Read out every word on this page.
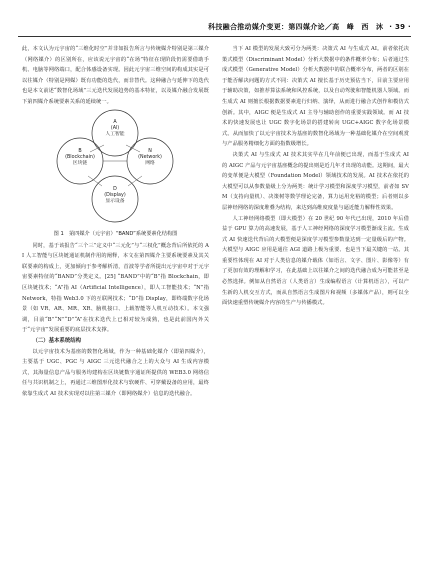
科技融合推动媒介变更：第四媒介论／高　峰　西　沐 · 39 ·

此，本文认为元宇宙的“三维化时空”并非如报告所言与传统媒介特别是第三媒介（网络媒介）的区别所在，应该说元宇宙的“在场”特征在现阶段仍需要借助手机、电脑等网络端口，配合体感设备实现。因此元宇宙三维空间的构成其实是可以往媒介（特别是网媒）既有功能的迭代，而非替代。这种融合与延伸下的迭代也是本文前述“数智化场域”三元迭代发展趋势的基本特征，以及媒介融合发展既下第四媒介系统要素关系的延续统一。

A
(Al)
人工智能
B
(Blockchain)
区块链
N
(Network)
网络
D
(Display)
显示设备
图 1　第四媒介（元宇宙）“BAND”系统要素化结构图

同时，基于该报告“三个三”定义中“三元化”与“三权化”概念背后所依托的 AI 人工智能与区块链通证机制作用的阐释，本文在第四媒介主要系统要素及其关联要素的构成上，更加倾向于参考解析清，首波等学者所提出元宇宙中对于元宇宙要素特征的“BAND”分类定义。[25] “BAND”中的“B”指 Blockchain，即区块链技术；“A”指 AI（Artificial Intelligence），即人工智能技术；“N”指 Network，特指 Web3.0 下的互联网技术；“D”指 Display，即终端数字化场景（如 VR、AR、MR、XR、脑机接口、上载智能等人机互动技术）。本文强调，目前“B”“N”“D”“A”在技术迭代上已相对较为成熟，也是此前国内外关于“元宇宙”发展重要的底层技术支撑。

（二）基本系统结构

以元宇宙技术为基座的数智化场域，作为一种基础化媒介（即第四媒介），主要基于 UGC、PGC 与 AIGC 三元迭代融合之上的大众与 AI 生成内容模式，其海量信息产品与服务均建构在区块链数字通证所提供的 WEB3.0 网络信任与共识机制之上，再通过三维图形化技术与软硬件、可穿戴设备的应用，最终依靠生成式 AI 技术实现对以往第三媒介（即网络媒介）信息的迭代融合。

当下 AI 模型的发展大致可分为两类：决策式 AI 与生成式 AI。前者依托决策式模型（Discriminant Model）分析大数据中的条件概率分布；后者通过生成式模型（Generative Model）分析大数据中的联合概率分布，两者的区别在于能否解决问题的方式不同：决策式 AI 擅长基于历史预估当下，目前主要应用于辅助决策，如推荐算法系统和风控系统，以及自动驾驶和智能机器人领域。而生成式 AI 则擅长根据数据要素进行归纳、演绎，从而进行融合式创作和模仿式创新。其中，AIGC 便是生成式 AI 主导与辅助创作的重要实践领域。而 AI 技术的快速发展也让 UGC 数字化场景的搭建转向 UGC+AIGC 数字化场景模式。从而加快了以元宇宙技术为基座的数智化场域为一种基础化媒介在空间观赏与产品服务精细化方面的指数级增长。

决策式 AI 与生成式 AI 技术其实早在几年前便已出现，而基于生成式 AI 的 AIGC 产品与元宇宙基座概念的提出则是近几年才出现的动能。这期间，最大的变革便是大模型（Foundation Model）领域技术的发展。AI 技术在依托的大模型可以从参数量级上分为两类：统计学习模型和深度学习模型，前者如 SVM（支持向量机）、决策树等数学理论完备，算力运用充裕的模型；后者则以多层神经网络的深度堆叠为结构，来达到高维度度量与逼近能力解释性效果。

人工神经网络模型（即大模型）在 20 世纪 90 年代已出现，2010 年后借益于 GPU 算力的高速发展，基于人工神经网络的深度学习模型渐成主流。生成式 AI 快速迭代背后的大模型便是深度学习模型参数量达到一定量级后的产物。大模型与 AIGC 应用是通往 AGI 道路上极为重要、也是当下最关键的一站。其重要性体现在 AI 对于人类信息的媒介载体（如语言、文字、图片、影像等）有了更加有效的理解和学习，在此基础上以往媒介之间的迭代融合成为可能甚至是必然选择。例如从自然语言（人类语言）生成编程语言（计算机语言），可以产生新的人机交互方式，而从自然语言生成图片和视频（多媒体产品），则可以全面快速重塑传统媒介内容的生产与传播模式。
